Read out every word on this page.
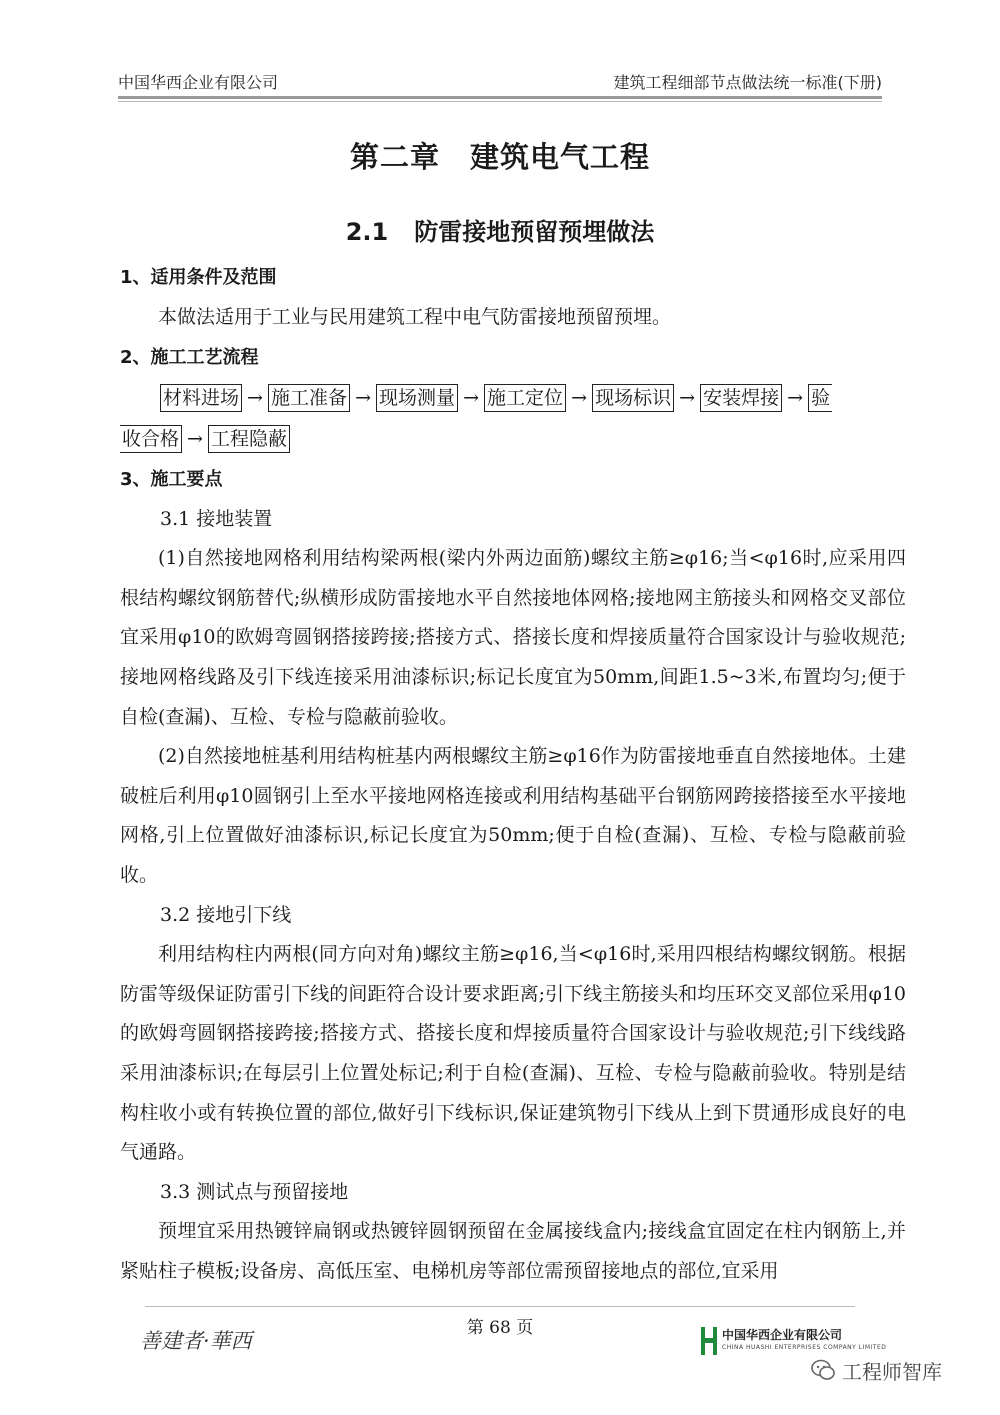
中国华西企业有限公司	建筑工程细部节点做法统一标准(下册)
第二章 建筑电气工程
2.1 防雷接地预留预埋做法
1、适用条件及范围

本做法适用于工业与民用建筑工程中电气防雷接地预留预埋。

2、施工工艺流程
材料进场 → 施工准备 → 现场测量 → 施工定位 → 现场标识 → 安装焊接 → 验
收合格 → 工程隐蔽
3、施工要点

3.1 接地装置

(1)自然接地网格利用结构梁两根(梁内外两边面筋)螺纹主筋≥φ16;当<φ16时,应采用四根结构螺纹钢筋替代;纵横形成防雷接地水平自然接地体网格;接地网主筋接头和网格交叉部位宜采用φ10的欧姆弯圆钢搭接跨接;搭接方式、搭接长度和焊接质量符合国家设计与验收规范;接地网格线路及引下线连接采用油漆标识;标记长度宜为50mm,间距1.5~3米,布置均匀;便于自检(查漏)、互检、专检与隐蔽前验收。

(2)自然接地桩基利用结构桩基内两根螺纹主筋≥φ16作为防雷接地垂直自然接地体。土建破桩后利用φ10圆钢引上至水平接地网格连接或利用结构基础平台钢筋网跨接搭接至水平接地网格,引上位置做好油漆标识,标记长度宜为50mm;便于自检(查漏)、互检、专检与隐蔽前验收。

3.2 接地引下线

利用结构柱内两根(同方向对角)螺纹主筋≥φ16,当<φ16时,采用四根结构螺纹钢筋。根据防雷等级保证防雷引下线的间距符合设计要求距离;引下线主筋接头和均压环交叉部位采用φ10的欧姆弯圆钢搭接跨接;搭接方式、搭接长度和焊接质量符合国家设计与验收规范;引下线线路采用油漆标识;在每层引上位置处标记;利于自检(查漏)、互检、专检与隐蔽前验收。特别是结构柱收小或有转换位置的部位,做好引下线标识,保证建筑物引下线从上到下贯通形成良好的电气通路。

3.3 测试点与预留接地

预埋宜采用热镀锌扁钢或热镀锌圆钢预留在金属接线盒内;接线盒宜固定在柱内钢筋上,并紧贴柱子模板;设备房、高低压室、电梯机房等部位需预留接地点的部位,宜采用

第 68 页
善建者·華西	中国华西企业有限公司
CHINA HUASHI ENTERPRISES COMPANY LIMITED
工程师智库
